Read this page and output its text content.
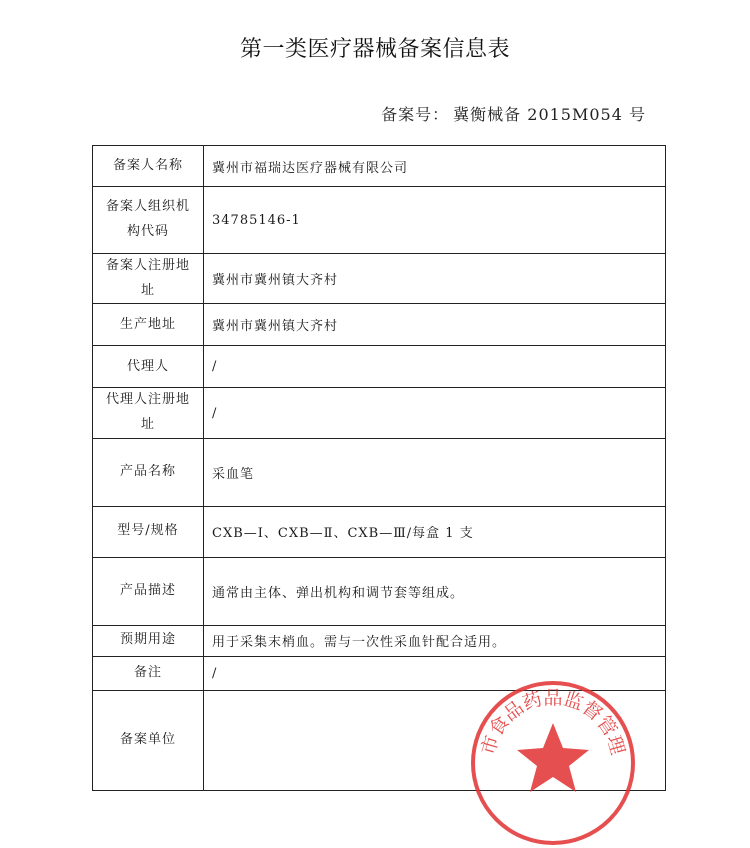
第一类医疗器械备案信息表
备案号： 冀衡械备 2015M054 号
备案人名称	冀州市福瑞达医疗器械有限公司
备案人组织机构代码	34785146-1
备案人注册地址	冀州市冀州镇大齐村
生产地址	冀州市冀州镇大齐村
代理人	/
代理人注册地址	/
产品名称	采血笔
型号/规格	CXB—Ⅰ、CXB—Ⅱ、CXB—Ⅲ/每盒 1 支
产品描述	通常由主体、弹出机构和调节套等组成。
预期用途	用于采集末梢血。需与一次性采血针配合适用。
备注	/
备案单位		市食品药品监督管理
